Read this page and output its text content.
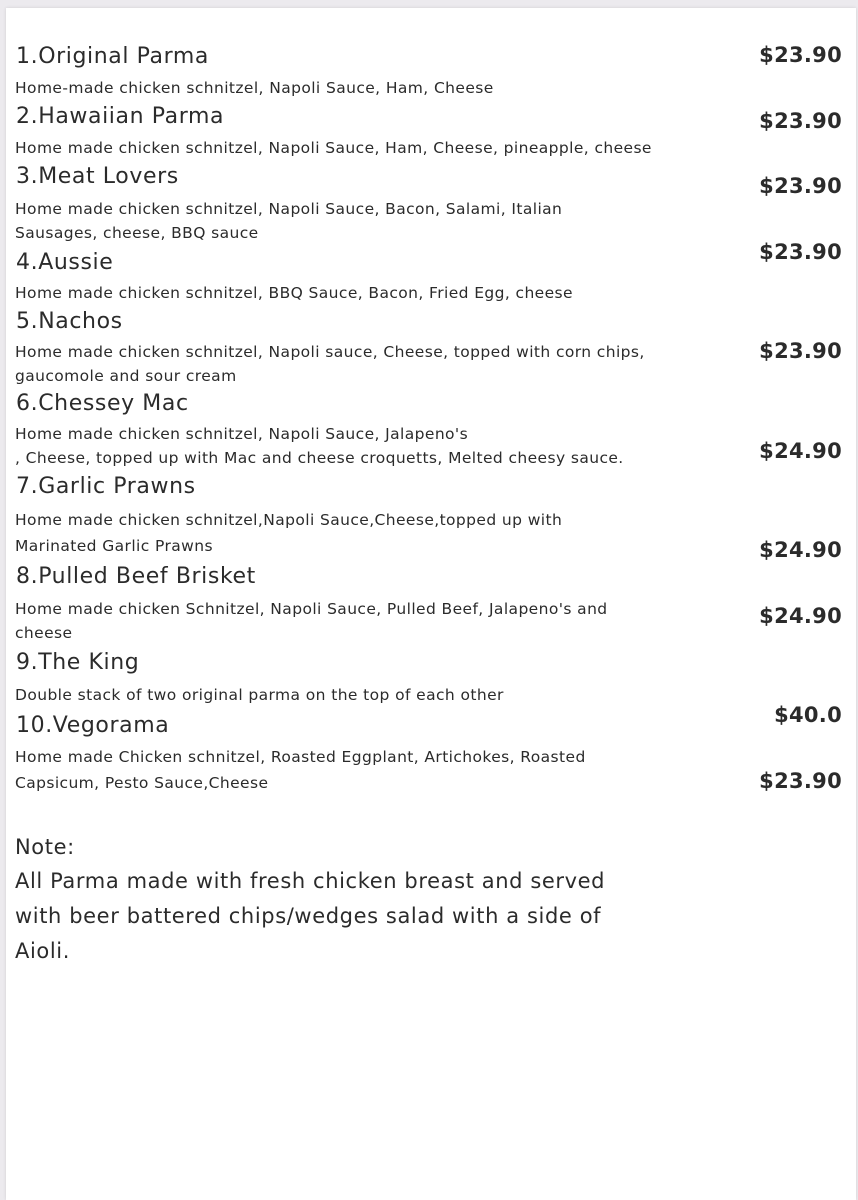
1.Original Parma
Home-made chicken schnitzel, Napoli Sauce, Ham, Cheese
$23.90
2.Hawaiian Parma
Home made chicken schnitzel, Napoli Sauce, Ham, Cheese, pineapple, cheese
$23.90
3.Meat Lovers
Home made chicken schnitzel, Napoli Sauce, Bacon, Salami, Italian
Sausages, cheese, BBQ sauce
$23.90
4.Aussie
Home made chicken schnitzel, BBQ Sauce, Bacon, Fried Egg, cheese
$23.90
5.Nachos
Home made chicken schnitzel, Napoli sauce, Cheese, topped with corn chips,
gaucomole and sour cream
$23.90
6.Chessey Mac
Home made chicken schnitzel, Napoli Sauce, Jalapeno's
, Cheese, topped up with Mac and cheese croquetts, Melted cheesy sauce.	$24.90
7.Garlic Prawns
Home made chicken schnitzel,Napoli Sauce,Cheese,topped up with
Marinated Garlic Prawns	$24.90
8.Pulled Beef Brisket
Home made chicken Schnitzel, Napoli Sauce, Pulled Beef, Jalapeno's and
cheese
$24.90
9.The King
Double stack of two original parma on the top of each other
$40.0
10.Vegorama
Home made Chicken schnitzel, Roasted Eggplant, Artichokes, Roasted
Capsicum, Pesto Sauce,Cheese	$23.90
Note:
All Parma made with fresh chicken breast and served
with beer battered chips/wedges salad with a side of
Aioli.
